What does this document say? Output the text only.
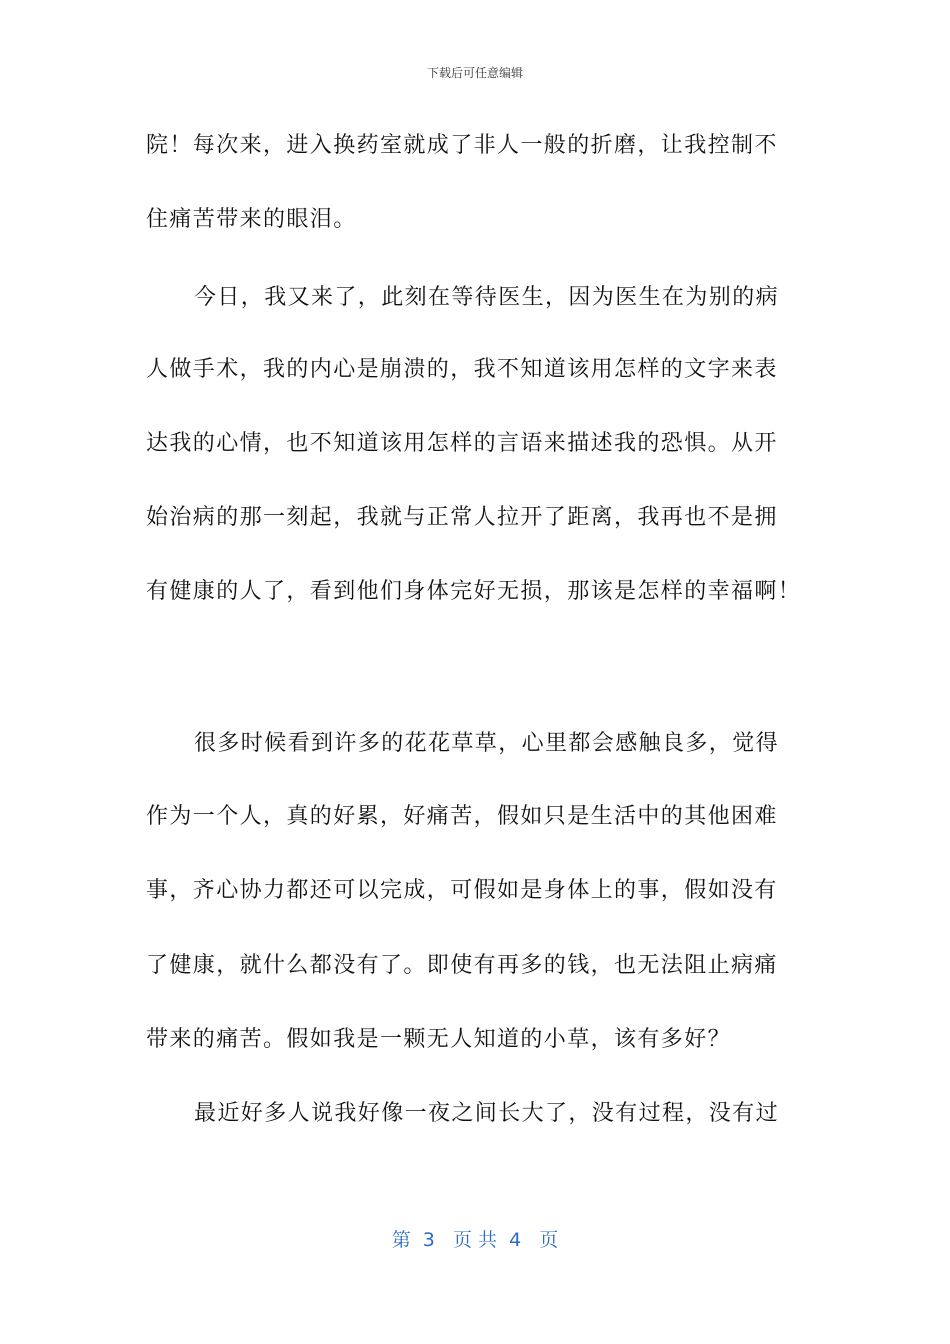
下载后可任意编辑
院！每次来，进入换药室就成了非人一般的折磨，让我控制不
住痛苦带来的眼泪。
今日，我又来了，此刻在等待医生，因为医生在为别的病
人做手术，我的内心是崩溃的，我不知道该用怎样的文字来表
达我的心情，也不知道该用怎样的言语来描述我的恐惧。从开
始治病的那一刻起，我就与正常人拉开了距离，我再也不是拥
有健康的人了，看到他们身体完好无损，那该是怎样的幸福啊！
很多时候看到许多的花花草草，心里都会感触良多，觉得
作为一个人，真的好累，好痛苦，假如只是生活中的其他困难
事，齐心协力都还可以完成，可假如是身体上的事，假如没有
了健康，就什么都没有了。即使有再多的钱，也无法阻止病痛
带来的痛苦。假如我是一颗无人知道的小草，该有多好？
最近好多人说我好像一夜之间长大了，没有过程，没有过
第  3   页 共  4   页
